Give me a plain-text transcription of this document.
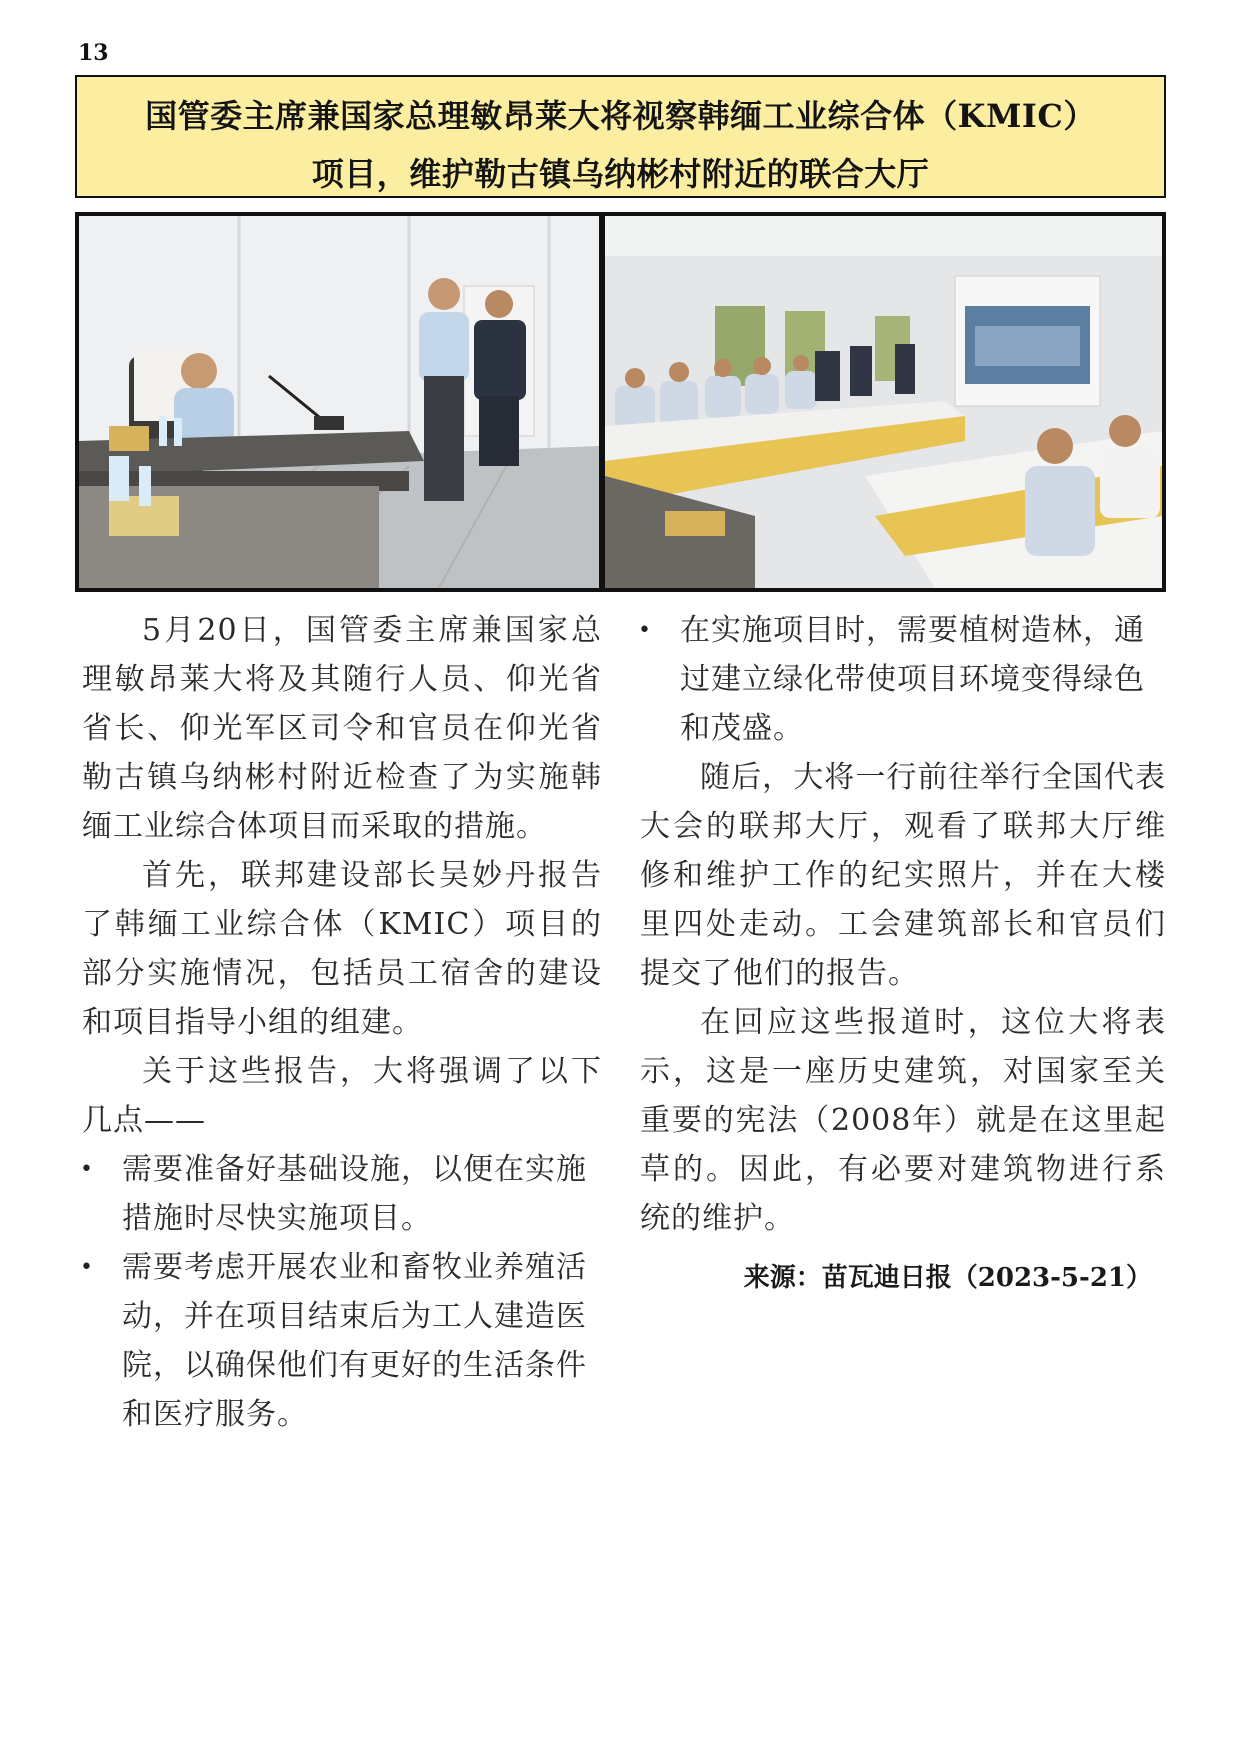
13
国管委主席兼国家总理敏昂莱大将视察韩缅工业综合体（KMIC）
项目，维护勒古镇乌纳彬村附近的联合大厅

5月20日，国管委主席兼国家总理敏昂莱大将及其随行人员、仰光省省长、仰光军区司令和官员在仰光省勒古镇乌纳彬村附近检查了为实施韩缅工业综合体项目而采取的措施。

首先，联邦建设部长吴妙丹报告了韩缅工业综合体（KMIC）项目的部分实施情况，包括员工宿舍的建设和项目指导小组的组建。

关于这些报告，大将强调了以下几点——

• 需要准备好基础设施，以便在实施措施时尽快实施项目。
• 需要考虑开展农业和畜牧业养殖活动，并在项目结束后为工人建造医院，以确保他们有更好的生活条件和医疗服务。
• 在实施项目时，需要植树造林，通过建立绿化带使项目环境变得绿色和茂盛。

随后，大将一行前往举行全国代表大会的联邦大厅，观看了联邦大厅维修和维护工作的纪实照片，并在大楼里四处走动。工会建筑部长和官员们提交了他们的报告。

在回应这些报道时，这位大将表示，这是一座历史建筑，对国家至关重要的宪法（2008年）就是在这里起草的。因此，有必要对建筑物进行系统的维护。

来源：苗瓦迪日报（2023-5-21）
